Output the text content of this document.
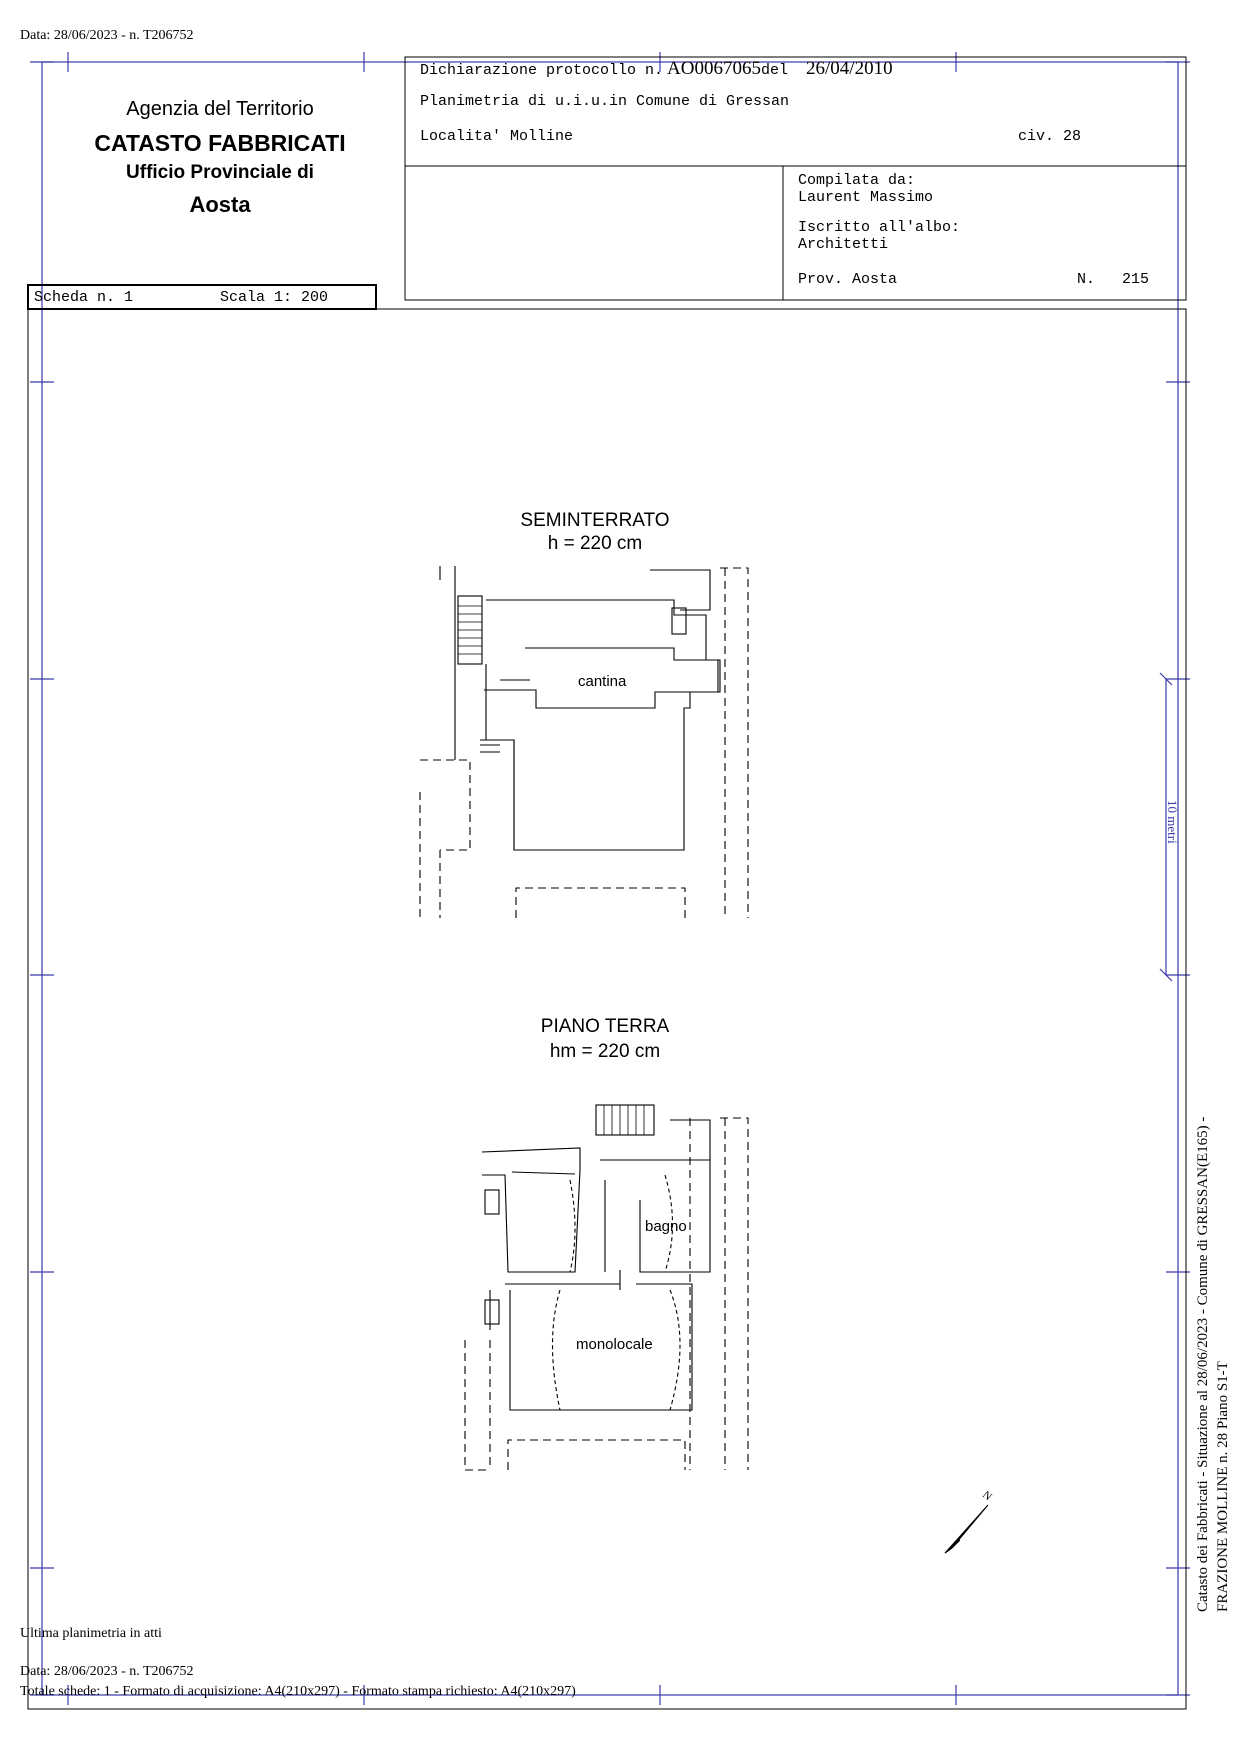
Data: 28/06/2023 - n. T206752
Agenzia del Territorio
CATASTO FABBRICATI
Ufficio Provinciale di
Aosta
Dichiarazione protocollo n. AO0067065del 26/04/2010
Planimetria di u.i.u.in Comune di Gressan
Localita' Molline	civ. 28
Compilata da:
Laurent Massimo
Iscritto all'albo:
Architetti
Prov. Aosta	N. 215
Scheda n. 1	Scala 1: 200
SEMINTERRATO
h = 220 cm
cantina
PIANO TERRA
hm = 220 cm
bagno
monolocale
10 metri
N	Catasto dei Fabbricati - Situazione al 28/06/2023 - Comune di GRESSAN(E165) - FRAZIONE MOLLINE n. 28 Piano S1-T
Ultima planimetria in atti
Data: 28/06/2023 - n. T206752
Totale schede: 1 - Formato di acquisizione: A4(210x297) - Formato stampa richiesto: A4(210x297)
